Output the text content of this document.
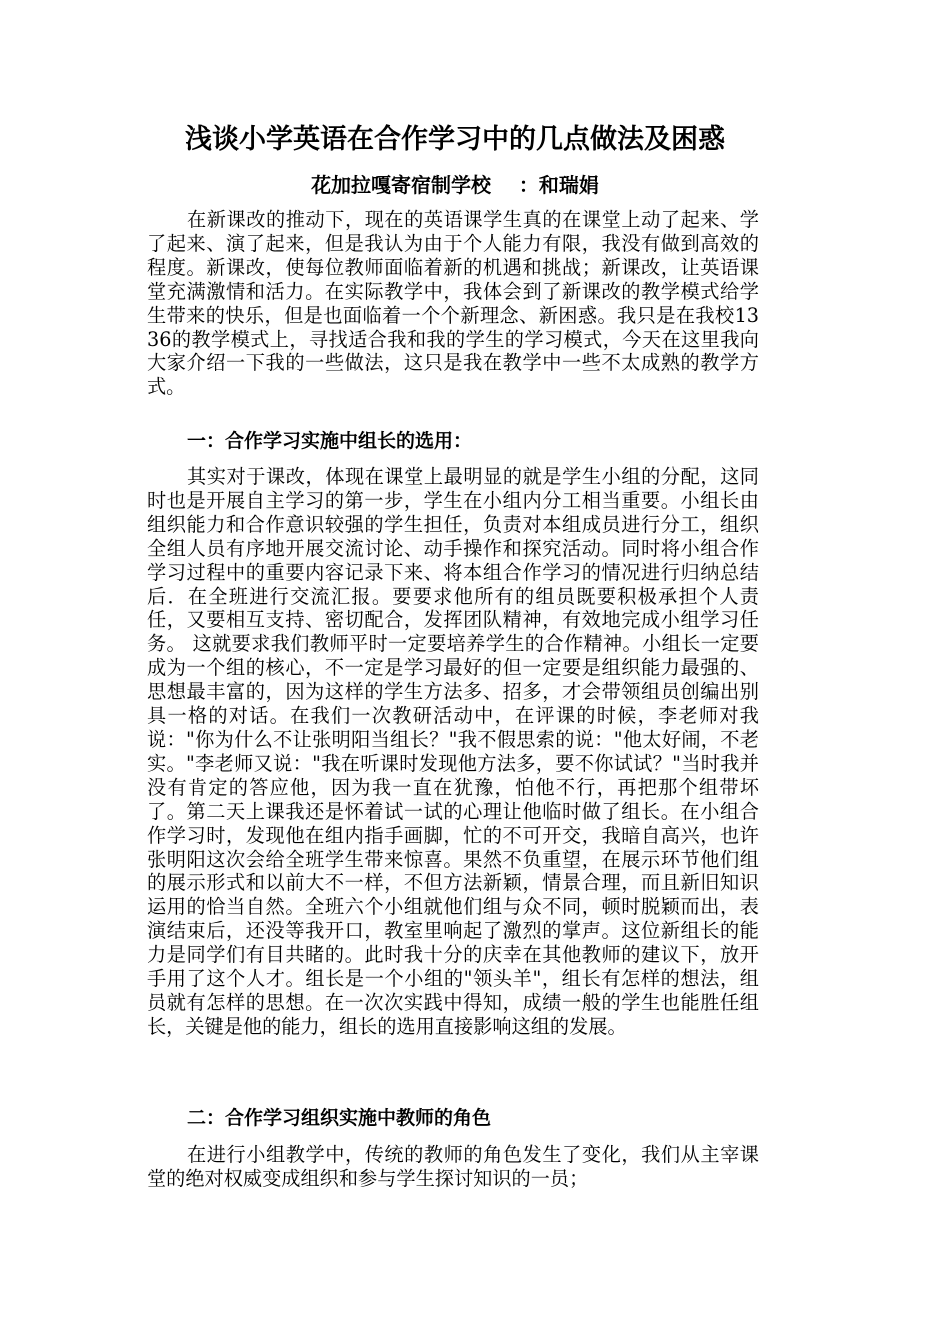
浅谈小学英语在合作学习中的几点做法及困惑
花加拉嘎寄宿制学校    ：和瑞娟

在新课改的推动下，现在的英语课学生真的在课堂上动了起来、学了起来、演了起来，但是我认为由于个人能力有限，我没有做到高效的程度。新课改，使每位教师面临着新的机遇和挑战；新课改，让英语课堂充满激情和活力。在实际教学中，我体会到了新课改的教学模式给学生带来的快乐，但是也面临着一个个新理念、新困惑。我只是在我校1336的教学模式上，寻找适合我和我的学生的学习模式，今天在这里我向大家介绍一下我的一些做法，这只是我在教学中一些不太成熟的教学方式。

一：合作学习实施中组长的选用：

其实对于课改，体现在课堂上最明显的就是学生小组的分配，这同时也是开展自主学习的第一步，学生在小组内分工相当重要。小组长由组织能力和合作意识较强的学生担任，负责对本组成员进行分工，组织全组人员有序地开展交流讨论、动手操作和探究活动。同时将小组合作学习过程中的重要内容记录下来、将本组合作学习的情况进行归纳总结后．在全班进行交流汇报。要要求他所有的组员既要积极承担个人责任，又要相互支持、密切配合，发挥团队精神，有效地完成小组学习任务。 这就要求我们教师平时一定要培养学生的合作精神。小组长一定要成为一个组的核心，不一定是学习最好的但一定要是组织能力最强的、思想最丰富的，因为这样的学生方法多、招多，才会带领组员创编出别具一格的对话。在我们一次教研活动中，在评课的时候，李老师对我说："你为什么不让张明阳当组长？"我不假思索的说："他太好闹，不老实。"李老师又说："我在听课时发现他方法多，要不你试试？"当时我并没有肯定的答应他，因为我一直在犹豫，怕他不行，再把那个组带坏了。第二天上课我还是怀着试一试的心理让他临时做了组长。在小组合作学习时，发现他在组内指手画脚，忙的不可开交，我暗自高兴，也许张明阳这次会给全班学生带来惊喜。果然不负重望，在展示环节他们组的展示形式和以前大不一样，不但方法新颖，情景合理，而且新旧知识运用的恰当自然。全班六个小组就他们组与众不同，顿时脱颖而出，表演结束后，还没等我开口，教室里响起了激烈的掌声。这位新组长的能力是同学们有目共睹的。此时我十分的庆幸在其他教师的建议下，放开手用了这个人才。组长是一个小组的"领头羊"，组长有怎样的想法，组员就有怎样的思想。在一次次实践中得知，成绩一般的学生也能胜任组长，关键是他的能力，组长的选用直接影响这组的发展。

二：合作学习组织实施中教师的角色

在进行小组教学中，传统的教师的角色发生了变化，我们从主宰课堂的绝对权威变成组织和参与学生探讨知识的一员；
